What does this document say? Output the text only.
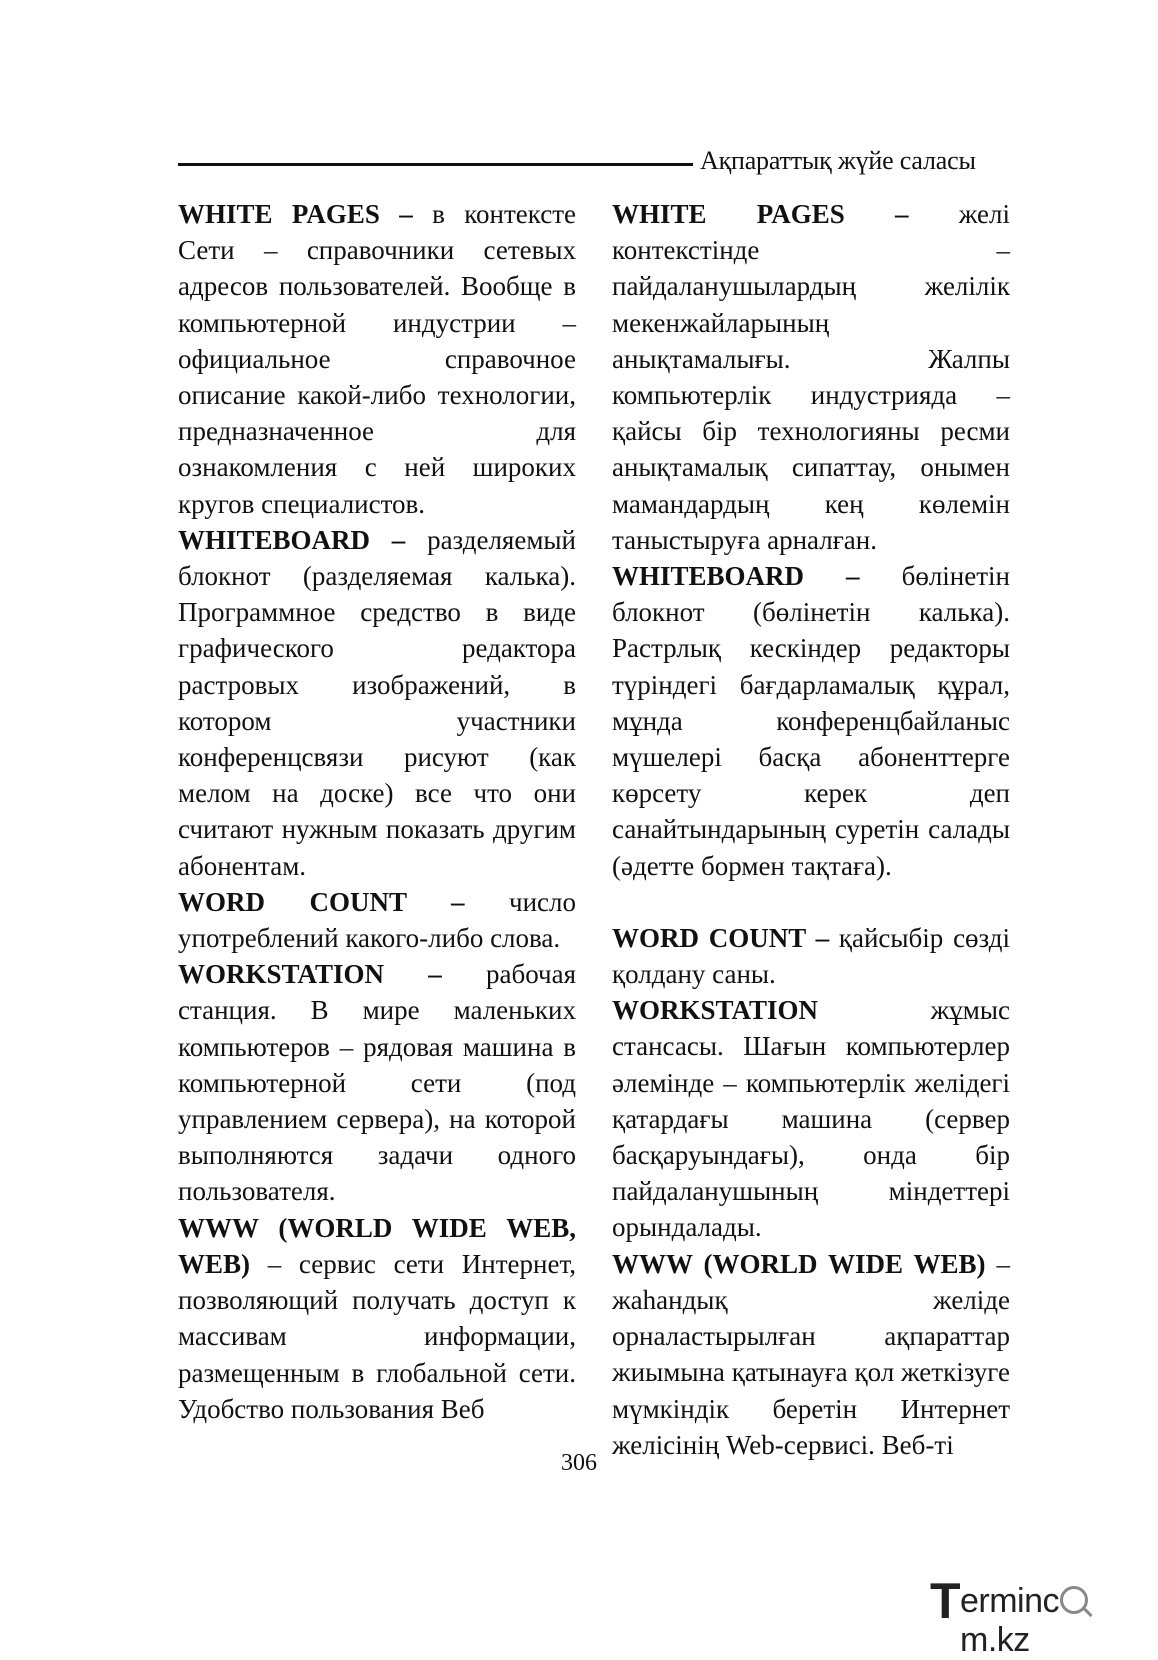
Ақпараттық жүйе саласы
WHITE PAGES – в контексте Сети – справочники сетевых адресов пользователей. Вообще в компьютерной индустрии – официальное справочное описание какой-либо технологии, предназначенное для ознакомления с ней широких кругов специалистов.
WHITEBOARD – разделяемый блокнот (разделяемая калька). Программное средство в виде графического редактора растровых изображений, в котором участники конференцсвязи рисуют (как мелом на доске) все что они считают нужным показать другим абонентам.
WORD COUNT – число употреблений какого-либо слова.
WORKSTATION – рабочая станция. В мире маленьких компьютеров – рядовая машина в компьютерной сети (под управлением сервера), на которой выполняются задачи одного пользователя.
WWW (WORLD WIDE WEB, WEB) – сервис сети Интернет, позволяющий получать доступ к массивам информации, размещенным в глобальной сети. Удобство пользования Веб
WHITE PAGES – желі контекстінде – пайдаланушылардың желілік мекенжайларының анықтамалығы. Жалпы компьютерлік индустрияда – қайсы бір технологияны ресми анықтамалық сипаттау, онымен мамандардың кең көлемін таныстыруға арналған.
WHITEBOARD – бөлінетін блокнот (бөлінетін калька). Растрлық кескіндер редакторы түріндегі бағдарламалық құрал, мұнда конференцбайланыс мүшелері басқа абоненттерге көрсету керек деп санайтындарының суретін салады (әдетте бормен тақтаға).
WORD COUNT – қайсыбір сөзді қолдану саны.
WORKSTATION жұмыс стансасы. Шағын компьютерлер әлемінде – компьютерлік желідегі қатардағы машина (сервер басқаруындағы), онда бір пайдаланушының міндеттері орындалады.
WWW (WORLD WIDE WEB) – жаһандық желіде орналастырылған ақпараттар жиымына қатынауға қол жеткізуге мүмкіндік беретін Интернет желісінің Web-сервисі. Веб-ті
306
T ermincm.kz
